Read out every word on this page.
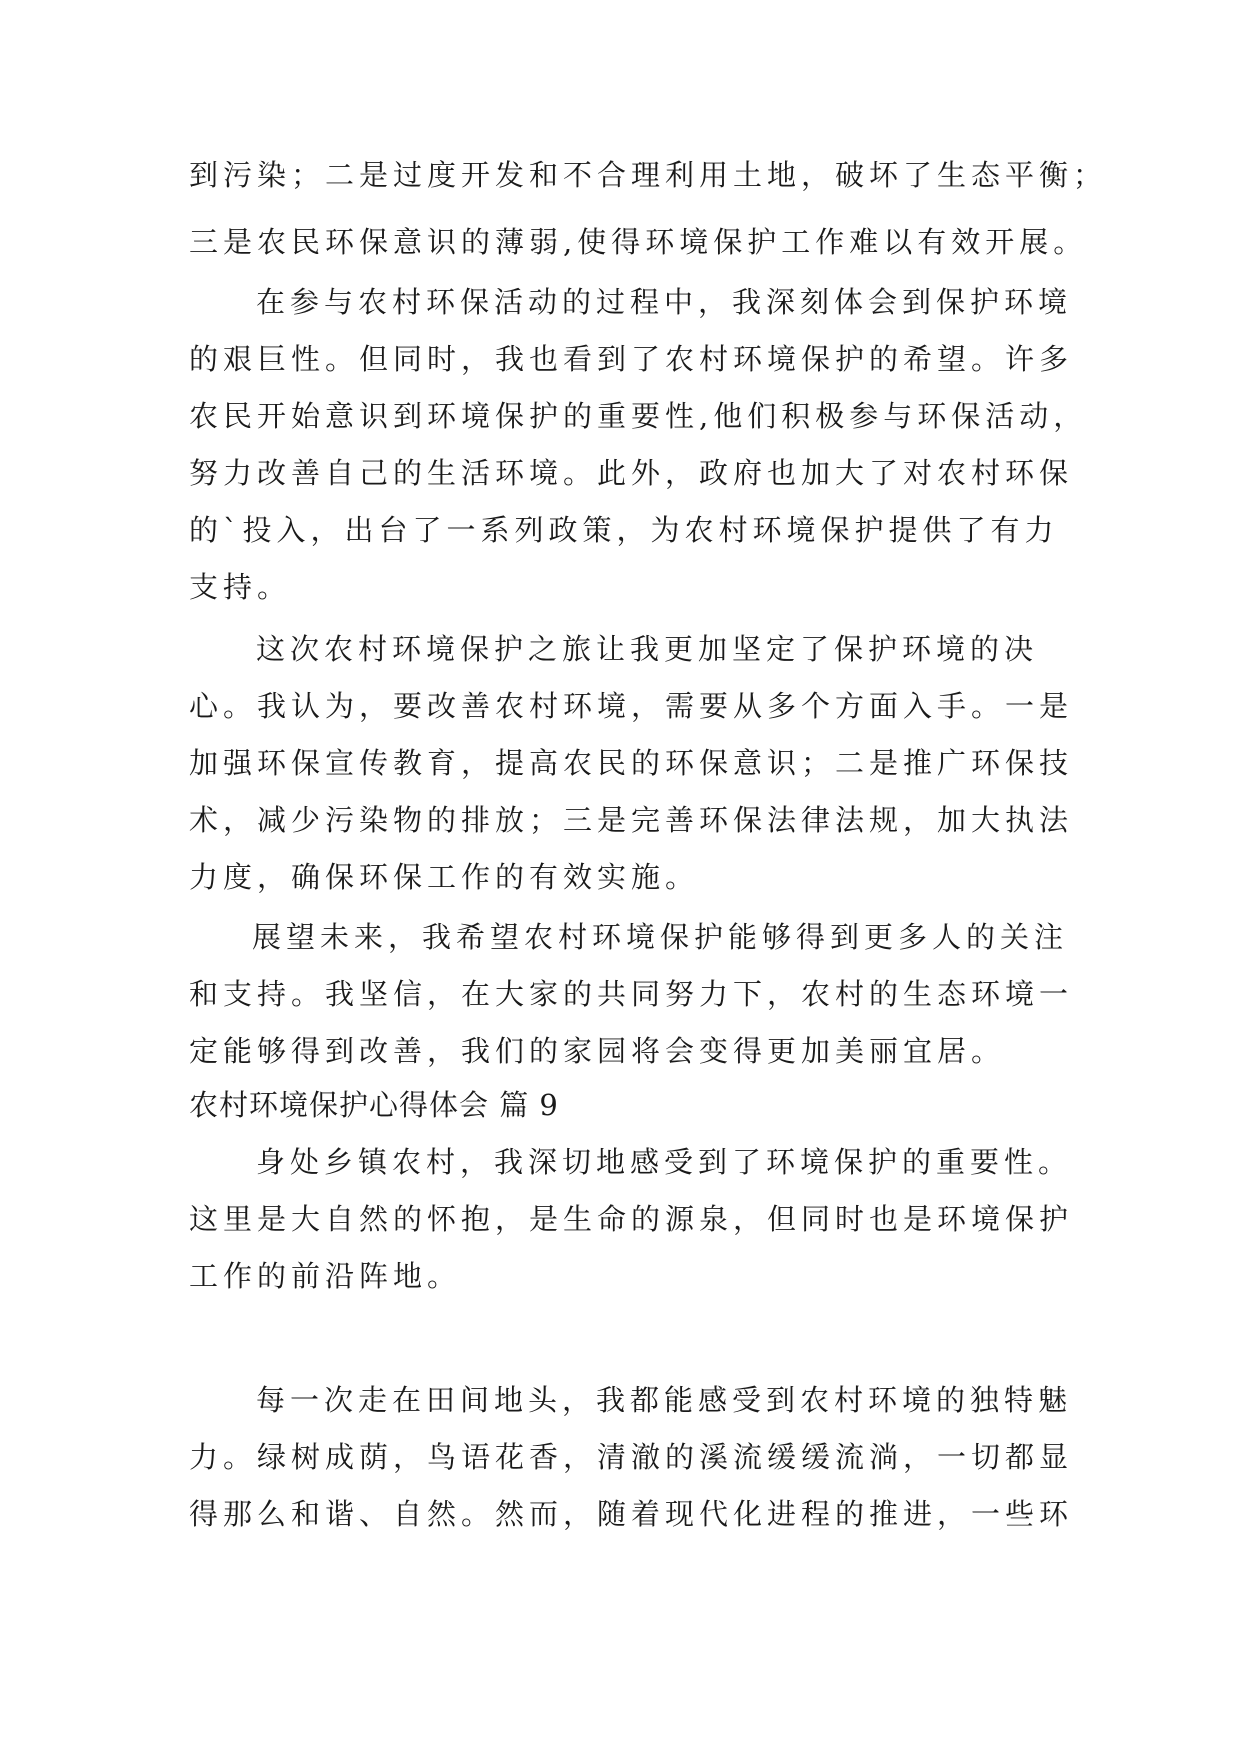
到污染；二是过度开发和不合理利用土地，破坏了生态平衡；
三是农民环保意识的薄弱,使得环境保护工作难以有效开展。
在参与农村环保活动的过程中，我深刻体会到保护环境
的艰巨性。但同时，我也看到了农村环境保护的希望。许多
农民开始意识到环境保护的重要性,他们积极参与环保活动，
努力改善自己的生活环境。此外，政府也加大了对农村环保
的`投入，出台了一系列政策，为农村环境保护提供了有力
支持。
这次农村环境保护之旅让我更加坚定了保护环境的决
心。我认为，要改善农村环境，需要从多个方面入手。一是
加强环保宣传教育，提高农民的环保意识；二是推广环保技
术，减少污染物的排放；三是完善环保法律法规，加大执法
力度，确保环保工作的有效实施。
展望未来，我希望农村环境保护能够得到更多人的关注
和支持。我坚信，在大家的共同努力下，农村的生态环境一
定能够得到改善，我们的家园将会变得更加美丽宜居。
农村环境保护心得体会 篇 9
身处乡镇农村，我深切地感受到了环境保护的重要性。
这里是大自然的怀抱，是生命的源泉，但同时也是环境保护
工作的前沿阵地。
每一次走在田间地头，我都能感受到农村环境的独特魅
力。绿树成荫，鸟语花香，清澈的溪流缓缓流淌，一切都显
得那么和谐、自然。然而，随着现代化进程的推进，一些环
